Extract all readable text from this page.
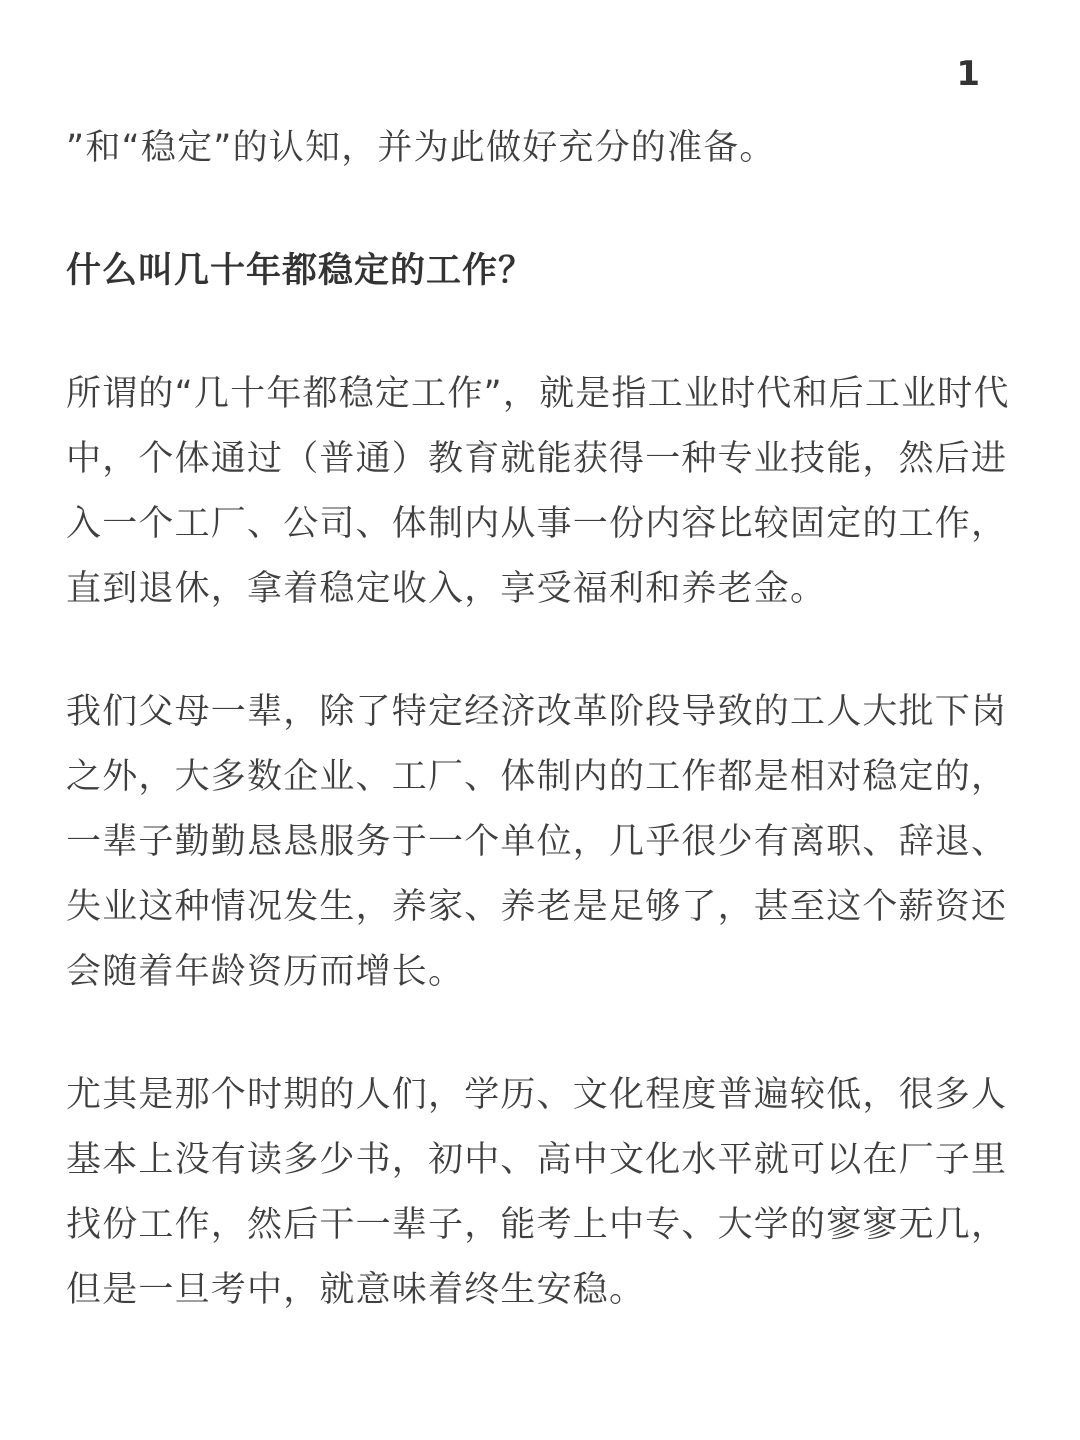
1

”和“稳定”的认知，并为此做好充分的准备。

什么叫几十年都稳定的工作？

所谓的“几十年都稳定工作”，就是指工业时代和后工业时代中，个体通过（普通）教育就能获得一种专业技能，然后进入一个工厂、公司、体制内从事一份内容比较固定的工作，直到退休，拿着稳定收入，享受福利和养老金。

我们父母一辈，除了特定经济改革阶段导致的工人大批下岗之外，大多数企业、工厂、体制内的工作都是相对稳定的，一辈子勤勤恳恳服务于一个单位，几乎很少有离职、辞退、失业这种情况发生，养家、养老是足够了，甚至这个薪资还会随着年龄资历而增长。

尤其是那个时期的人们，学历、文化程度普遍较低，很多人基本上没有读多少书，初中、高中文化水平就可以在厂子里找份工作，然后干一辈子，能考上中专、大学的寥寥无几，但是一旦考中，就意味着终生安稳。
